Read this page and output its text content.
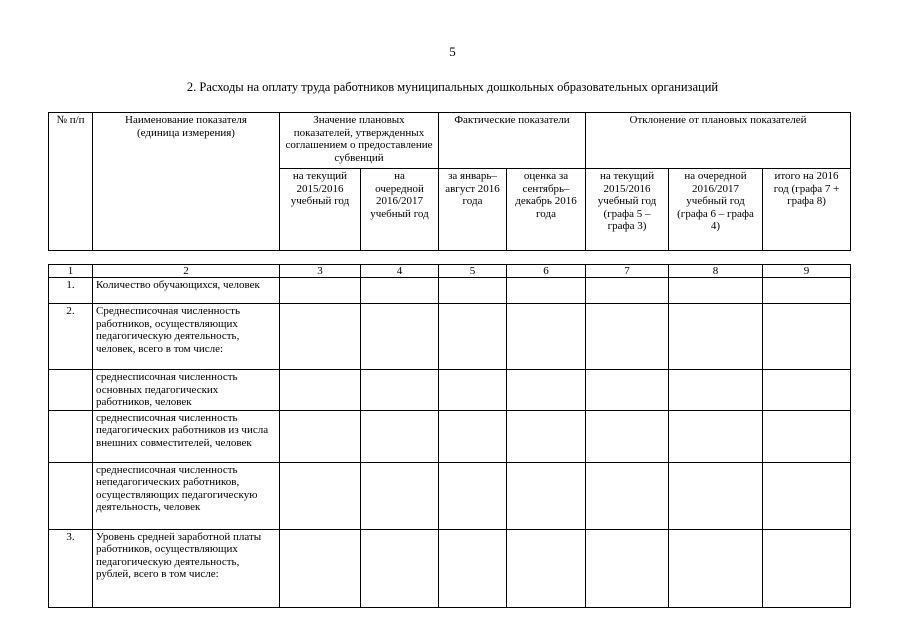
5
2. Расходы на оплату труда работников муниципальных дошкольных образовательных организаций
№ п/п	Наименование показателя (единица измерения)	Значение плановых показателей, утвержденных соглашением о предоставление субвенций		Фактические показатели		Отклонение от плановых показателей		
		на текущий 2015/2016 учебный год	на очередной 2016/2017 учебный год	за январь–август 2016 года	оценка за сентябрь–декабрь 2016 года	на текущий 2015/2016 учебный год (графа 5 – графа 3)	на очередной 2016/2017 учебный год (графа 6 – графа 4)	итого на 2016 год (графа 7 + графа 8)
1	2	3	4	5	6	7	8	9
1.	Количество обучающихся, человек							
2.	Среднесписочная численность работников, осуществляющих педагогическую деятельность, человек, всего в том числе:							
	среднесписочная численность основных педагогических работников, человек							
	среднесписочная численность педагогических работников из числа внешних совместителей, человек							
	среднесписочная численность непедагогических работников, осуществляющих педагогическую деятельность, человек							
3.	Уровень средней заработной платы работников, осуществляющих педагогическую деятельность, рублей, всего в том числе:							
